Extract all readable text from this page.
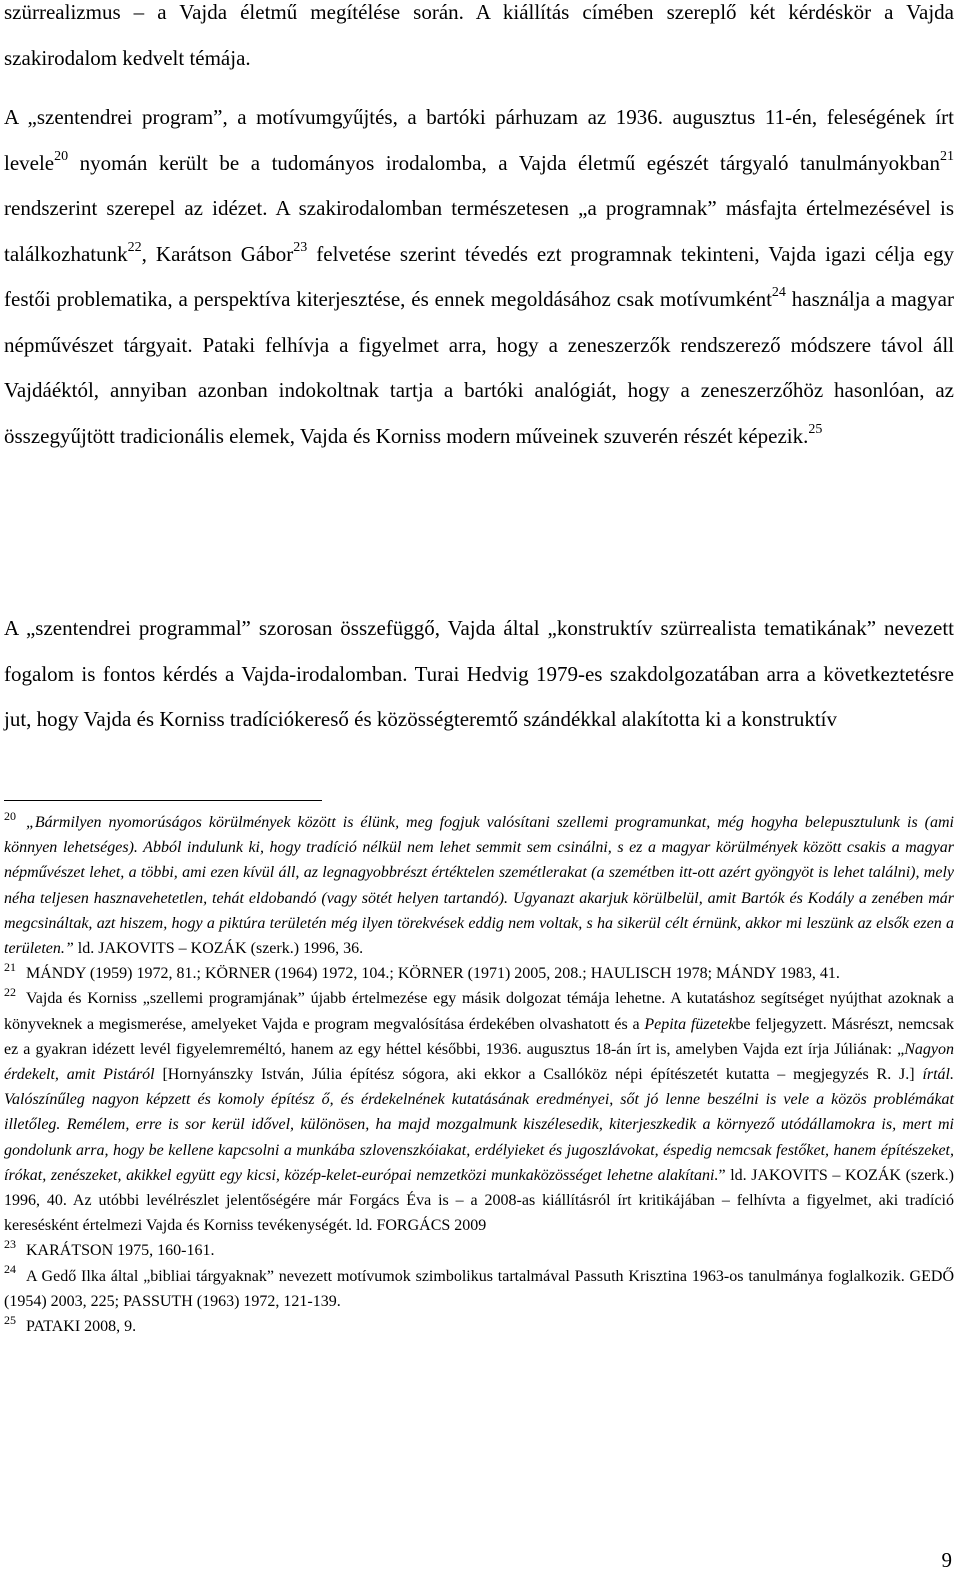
szürrealizmus – a Vajda életmű megítélése során. A kiállítás címében szereplő két kérdéskör a Vajda szakirodalom kedvelt témája.
A „szentendrei program”, a motívumgyűjtés, a bartóki párhuzam az 1936. augusztus 11-én, feleségének írt levele$^{20}$ nyomán került be a tudományos irodalomba, a Vajda életmű egészét tárgyaló tanulmányokban$^{21}$ rendszerint szerepel az idézet. A szakirodalomban természetesen „a programnak” másfajta értelmezésével is találkozhatunk$^{22}$, Karátson Gábor$^{23}$ felvetése szerint tévedés ezt programnak tekinteni, Vajda igazi célja egy festői problematika, a perspektíva kiterjesztése, és ennek megoldásához csak motívumként$^{24}$ használja a magyar népművészet tárgyait. Pataki felhívja a figyelmet arra, hogy a zeneszerzők rendszerező módszere távol áll Vajdáéktól, annyiban azonban indokoltnak tartja a bartóki analógiát, hogy a zeneszerzőhöz hasonlóan, az összegyűjtött tradicionális elemek, Vajda és Korniss modern műveinek szuverén részét képezik.$^{25}$
A „szentendrei programmal” szorosan összefüggő, Vajda által „konstruktív szürrealista tematikának” nevezett fogalom is fontos kérdés a Vajda-irodalomban. Turai Hedvig 1979-es szakdolgozatában arra a következtetésre jut, hogy Vajda és Korniss tradíciókereső és közösségteremtő szándékkal alakította ki a konstruktív

$^{20}$ „Bármilyen nyomorúságos körülmények között is élünk, meg fogjuk valósítani szellemi programunkat, még hogyha belepusztulunk is (ami könnyen lehetséges). Abból indulunk ki, hogy tradíció nélkül nem lehet semmit sem csinálni, s ez a magyar körülmények között csakis a magyar népművészet lehet, a többi, ami ezen kívül áll, az legnagyobbrészt értéktelen szemétlerakat (a szemétben itt-ott azért gyöngyöt is lehet találni), mely néha teljesen hasznavehetetlen, tehát eldobandó (vagy sötét helyen tartandó). Ugyanazt akarjuk körülbelül, amit Bartók és Kodály a zenében már megcsináltak, azt hiszem, hogy a piktúra területén még ilyen törekvések eddig nem voltak, s ha sikerül célt érnünk, akkor mi leszünk az elsők ezen a területen.” ld. JAKOVITS – KOZÁK (szerk.) 1996, 36.

$^{21}$ MÁNDY (1959) 1972, 81.; KÖRNER (1964) 1972, 104.; KÖRNER (1971) 2005, 208.; HAULISCH 1978; MÁNDY 1983, 41.

$^{22}$ Vajda és Korniss „szellemi programjának” újabb értelmezése egy másik dolgozat témája lehetne. A kutatáshoz segítséget nyújthat azoknak a könyveknek a megismerése, amelyeket Vajda e program megvalósítása érdekében olvashatott és a Pepita füzetekbe feljegyzett. Másrészt, nemcsak ez a gyakran idézett levél figyelemreméltó, hanem az egy héttel későbbi, 1936. augusztus 18-án írt is, amelyben Vajda ezt írja Júliának: „Nagyon érdekelt, amit Pistáról [Hornyánszky István, Júlia építész sógora, aki ekkor a Csallóköz népi építészetét kutatta – megjegyzés R. J.] írtál. Valószínűleg nagyon képzett és komoly építész ő, és érdekelnének kutatásának eredményei, sőt jó lenne beszélni is vele a közös problémákat illetőleg. Remélem, erre is sor kerül idővel, különösen, ha majd mozgalmunk kiszélesedik, kiterjeszkedik a környező utódállamokra is, mert mi gondolunk arra, hogy be kellene kapcsolni a munkába szlovenszkóiakat, erdélyieket és jugoszlávokat, éspedig nemcsak festőket, hanem építészeket, írókat, zenészeket, akikkel együtt egy kicsi, közép-kelet-európai nemzetközi munkaközösséget lehetne alakítani.” ld. JAKOVITS – KOZÁK (szerk.) 1996, 40. Az utóbbi levélrészlet jelentőségére már Forgács Éva is – a 2008-as kiállításról írt kritikájában – felhívta a figyelmet, aki tradíció keresésként értelmezi Vajda és Korniss tevékenységét. ld. FORGÁCS 2009

$^{23}$ KARÁTSON 1975, 160-161.

$^{24}$ A Gedő Ilka által „bibliai tárgyaknak” nevezett motívumok szimbolikus tartalmával Passuth Krisztina 1963-os tanulmánya foglalkozik. GEDŐ (1954) 2003, 225; PASSUTH (1963) 1972, 121-139.

$^{25}$ PATAKI 2008, 9.

9
